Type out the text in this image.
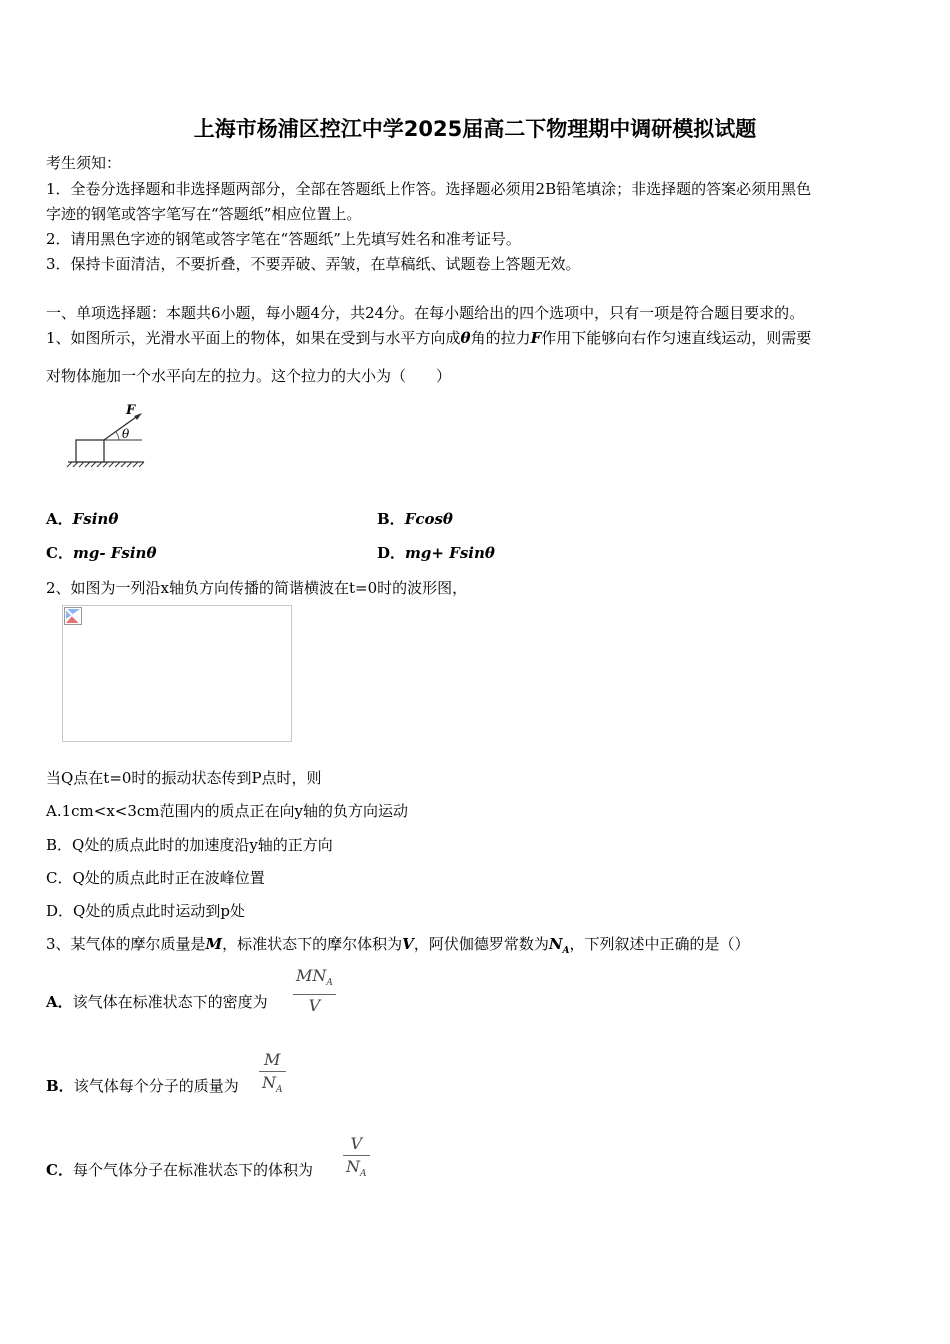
上海市杨浦区控江中学2025届高二下物理期中调研模拟试题
考生须知：
1．全卷分选择题和非选择题两部分，全部在答题纸上作答。选择题必须用2B铅笔填涂；非选择题的答案必须用黑色
字迹的钢笔或答字笔写在“答题纸”相应位置上。
2．请用黑色字迹的钢笔或答字笔在“答题纸”上先填写姓名和准考证号。
3．保持卡面清洁，不要折叠，不要弄破、弄皱，在草稿纸、试题卷上答题无效。
一、单项选择题：本题共6小题，每小题4分，共24分。在每小题给出的四个选项中，只有一项是符合题目要求的。
1、如图所示，光滑水平面上的物体，如果在受到与水平方向成θ角的拉力F作用下能够向右作匀速直线运动，则需要
对物体施加一个水平向左的拉力。这个拉力的大小为（　　）
F
θ
A．Fsinθ	B．Fcosθ
C．mg- Fsinθ	D．mg+ Fsinθ
2、如图为一列沿x轴负方向传播的简谐横波在t=0时的波形图，
当Q点在t=0时的振动状态传到P点时，则
A.1cm<x<3cm范围内的质点正在向y轴的负方向运动
B．Q处的质点此时的加速度沿y轴的正方向
C．Q处的质点此时正在波峰位置
D．Q处的质点此时运动到p处
3、某气体的摩尔质量是M，标准状态下的摩尔体积为V，阿伏伽德罗常数为$N_A$，下列叙述中正确的是（）
A．该气体在标准状态下的密度为
$MN_A$
V
B．该气体每个分子的质量为
M
$N_A$
C．每个气体分子在标准状态下的体积为
V
$N_A$
